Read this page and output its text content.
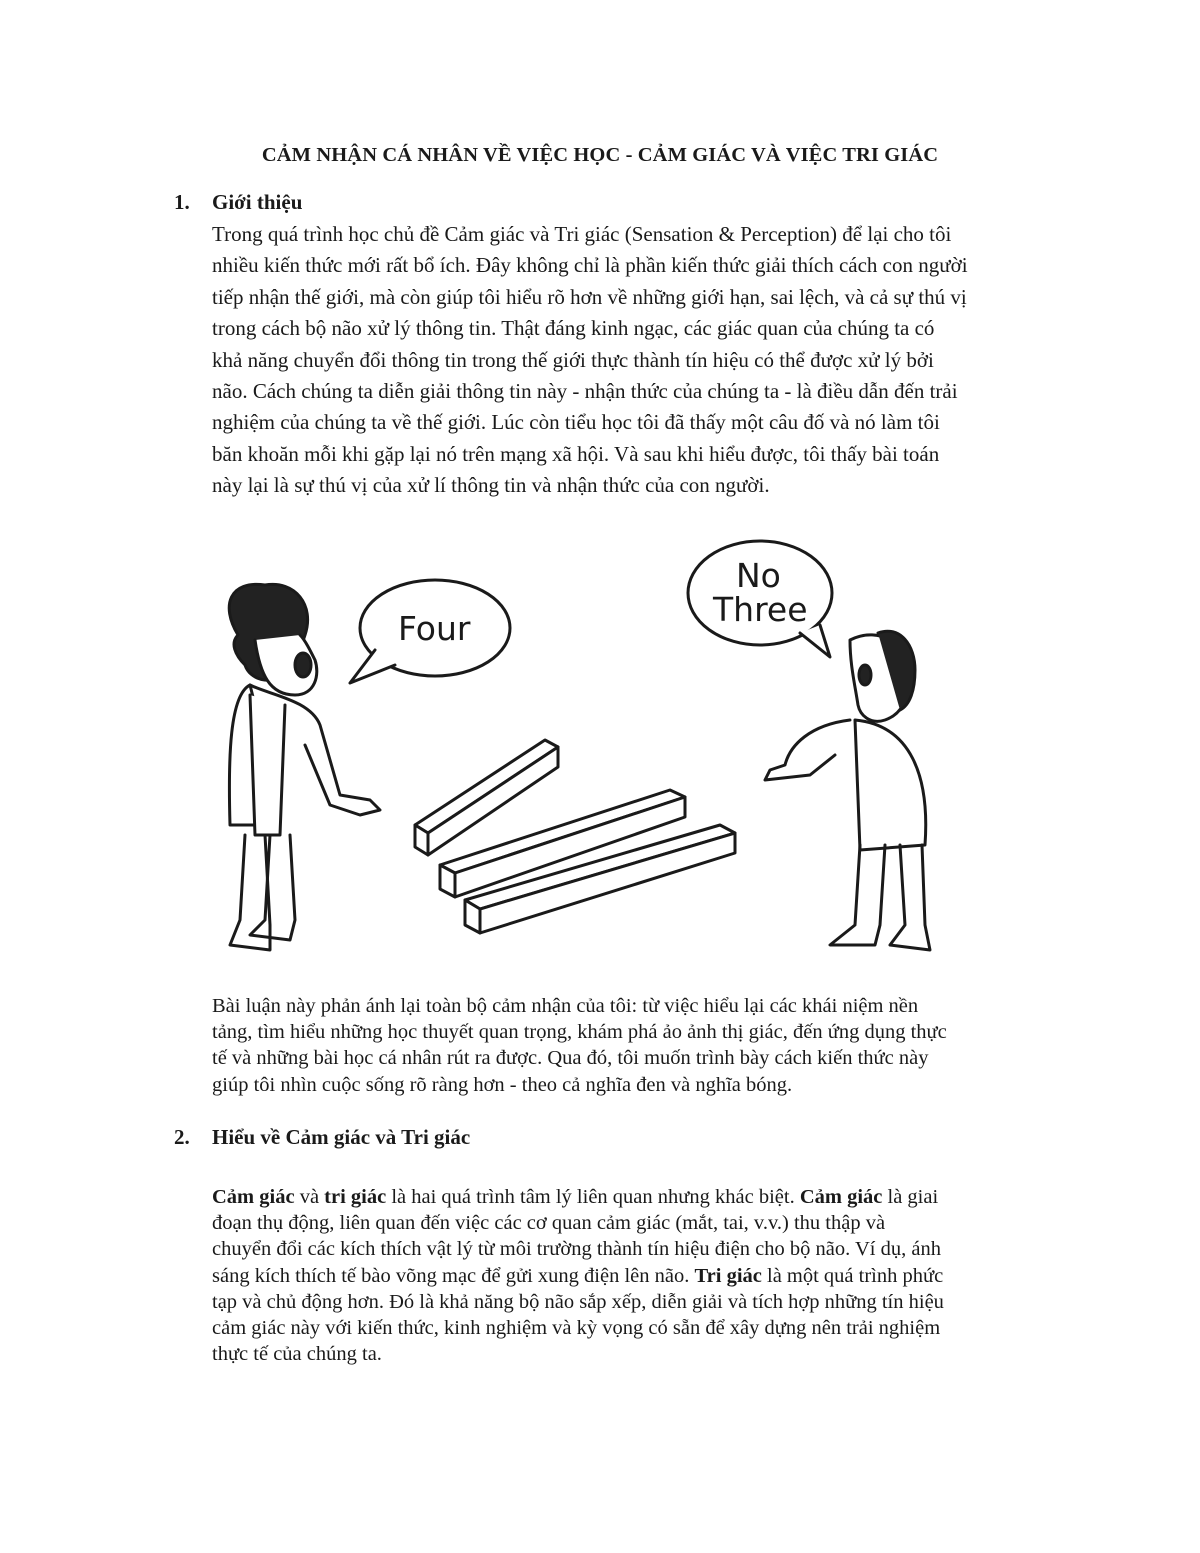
CẢM NHẬN CÁ NHÂN VỀ VIỆC HỌC - CẢM GIÁC VÀ VIỆC TRI GIÁC
1. Giới thiệu
Trong quá trình học chủ đề Cảm giác và Tri giác (Sensation & Perception) để lại cho tôi
nhiều kiến thức mới rất bổ ích. Đây không chỉ là phần kiến thức giải thích cách con người
tiếp nhận thế giới, mà còn giúp tôi hiểu rõ hơn về những giới hạn, sai lệch, và cả sự thú vị
trong cách bộ não xử lý thông tin. Thật đáng kinh ngạc, các giác quan của chúng ta có
khả năng chuyển đổi thông tin trong thế giới thực thành tín hiệu có thể được xử lý bởi
não. Cách chúng ta diễn giải thông tin này - nhận thức của chúng ta - là điều dẫn đến trải
nghiệm của chúng ta về thế giới. Lúc còn tiểu học tôi đã thấy một câu đố và nó làm tôi
băn khoăn mỗi khi gặp lại nó trên mạng xã hội. Và sau khi hiểu được, tôi thấy bài toán
này lại là sự thú vị của xử lí thông tin và nhận thức của con người.
Four
No
Three
Bài luận này phản ánh lại toàn bộ cảm nhận của tôi: từ việc hiểu lại các khái niệm nền
tảng, tìm hiểu những học thuyết quan trọng, khám phá ảo ảnh thị giác, đến ứng dụng thực
tế và những bài học cá nhân rút ra được. Qua đó, tôi muốn trình bày cách kiến thức này
giúp tôi nhìn cuộc sống rõ ràng hơn - theo cả nghĩa đen và nghĩa bóng.
2. Hiểu về Cảm giác và Tri giác
Cảm giác và tri giác là hai quá trình tâm lý liên quan nhưng khác biệt. Cảm giác là giai
đoạn thụ động, liên quan đến việc các cơ quan cảm giác (mắt, tai, v.v.) thu thập và
chuyển đổi các kích thích vật lý từ môi trường thành tín hiệu điện cho bộ não. Ví dụ, ánh
sáng kích thích tế bào võng mạc để gửi xung điện lên não. Tri giác là một quá trình phức
tạp và chủ động hơn. Đó là khả năng bộ não sắp xếp, diễn giải và tích hợp những tín hiệu
cảm giác này với kiến thức, kinh nghiệm và kỳ vọng có sẵn để xây dựng nên trải nghiệm
thực tế của chúng ta.
